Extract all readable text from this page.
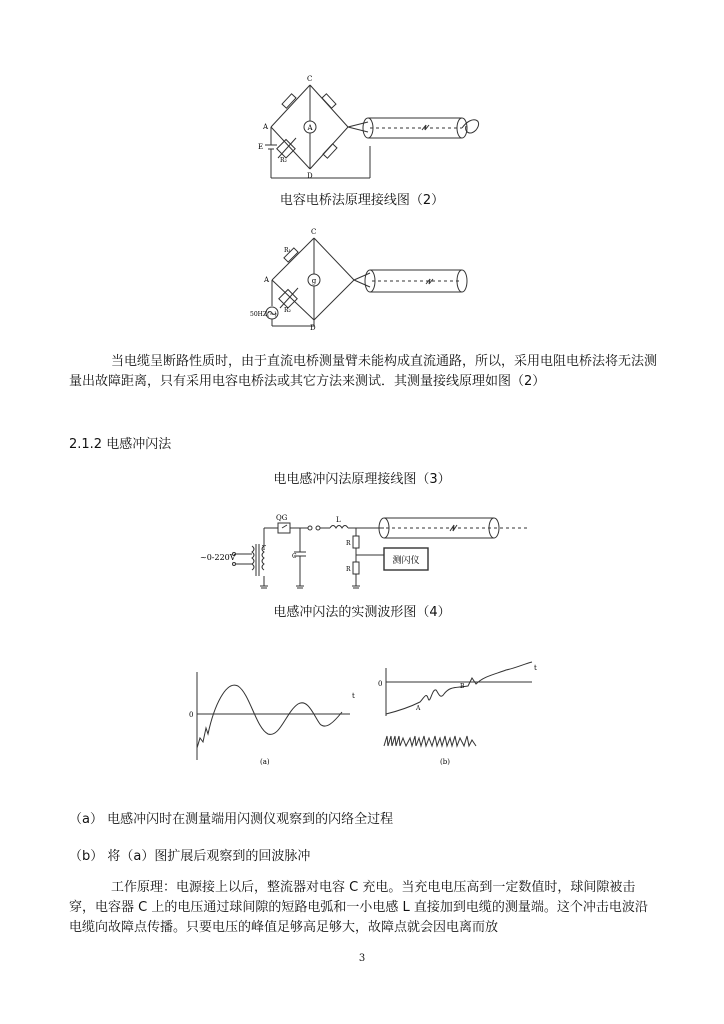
A
C
A
E
D
R₂
电容电桥法原理接线图（2）
g
C
A
D
R₁
R₂
50HZ(~)
当电缆呈断路性质时，由于直流电桥测量臂未能构成直流通路，所以，采用电阻电桥法将无法测量出故障距离，只有采用电容电桥法或其它方法来测试．其测量接线原理如图（2）
2.1.2 电感冲闪法
电电感冲闪法原理接线图（3）
~0-220V
T
QG
C
L
R
R
测闪仪
电感冲闪法的实测波形图（4）
0
t
(a)
0
t
A
B
(b)
（a） 电感冲闪时在测量端用闪测仪观察到的闪络全过程
（b） 将（a）图扩展后观察到的回波脉冲
工作原理：电源接上以后，整流器对电容 C 充电。当充电电压高到一定数值时，球间隙被击穿，电容器 C 上的电压通过球间隙的短路电弧和一小电感 L 直接加到电缆的测量端。这个冲击电波沿电缆向故障点传播。只要电压的峰值足够高足够大，故障点就会因电离而放
3
